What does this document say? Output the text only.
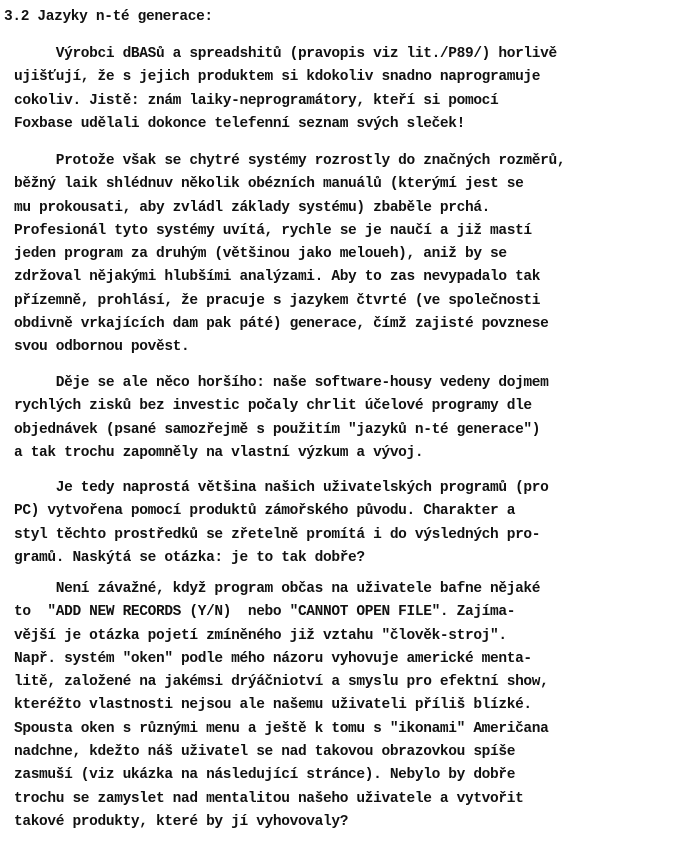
3.2 Jazyky n-té generace:
Výrobci dBASů a spreadshitů (pravopis viz lit./P89/) horlivě
ujišťují, že s jejich produktem si kdokoliv snadno naprogramuje
cokoliv. Jistě: znám laiky-neprogramátory, kteří si pomocí
Foxbase udělali dokonce telefenní seznam svých sleček!
Protože však se chytré systémy rozrostly do značných rozměrů,
běžný laik shlédnuv několik obézních manuálů (kterýmí jest se
mu prokousati, aby zvládl základy systému) zbaběle prchá.
Profesionál tyto systémy uvítá, rychle se je naučí a již mastí
jeden program za druhým (většinou jako meloueh), aniž by se
zdržoval nějakými hlubšími analýzami. Aby to zas nevypadalo tak
přízemně, prohlásí, že pracuje s jazykem čtvrté (ve společnosti
obdivně vrkajících dam pak páté) generace, čímž zajisté povznese
svou odbornou pověst.
Děje se ale něco horšího: naše software-housy vedeny dojmem
rychlých zisků bez investic počaly chrlit účelové programy dle
objednávek (psané samozřejmě s použitím "jazyků n-té generace")
a tak trochu zapomněly na vlastní výzkum a vývoj.
Je tedy naprostá většina našich uživatelských programů (pro
PC) vytvořena pomocí produktů zámořského původu. Charakter a
styl těchto prostředků se zřetelně promítá i do výsledných pro-
gramů. Naskýtá se otázka: je to tak dobře?
Není závažné, když program občas na uživatele bafne nějaké
to  "ADD NEW RECORDS (Y/N)  nebo "CANNOT OPEN FILE". Zajíma-
vější je otázka pojetí zmíněného již vztahu "člověk-stroj".
Např. systém "oken" podle mého názoru vyhovuje americké menta-
litě, založené na jakémsi drýáčniotví a smyslu pro efektní show,
kteréžto vlastnosti nejsou ale našemu uživateli příliš blízké.
Spousta oken s různými menu a ještě k tomu s "ikonami" Američana
nadchne, kdežto náš uživatel se nad takovou obrazovkou spíše
zasmuší (viz ukázka na následující stránce). Nebylo by dobře
trochu se zamyslet nad mentalitou našeho uživatele a vytvořit
takové produkty, které by jí vyhovovaly?
